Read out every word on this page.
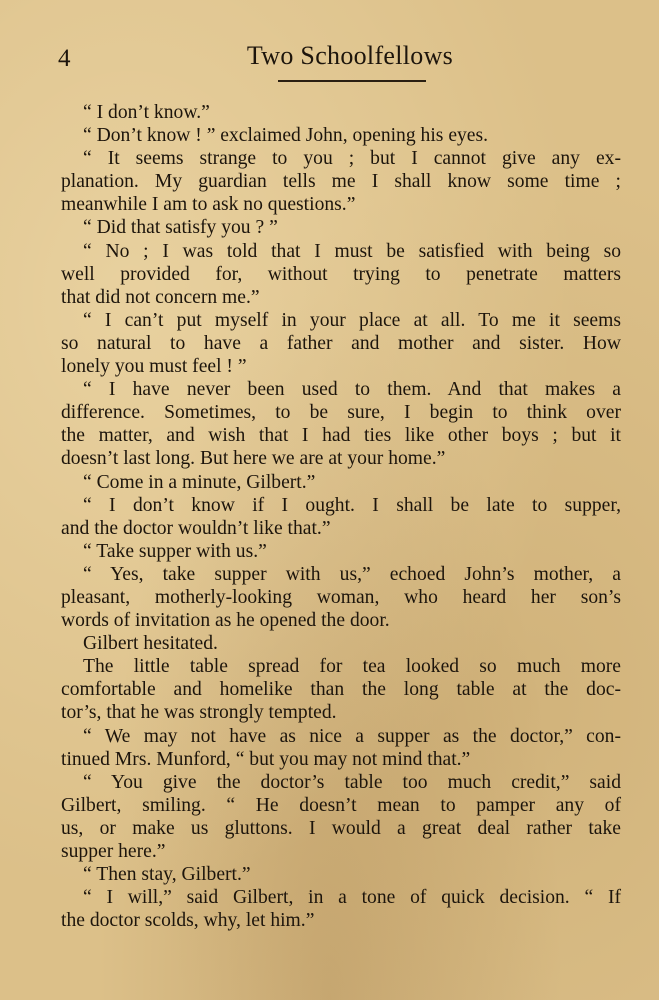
4	Two Schoolfellows
“ I don’t know.”
“ Don’t know ! ” exclaimed John, opening his eyes.
“ It seems strange to you ; but I cannot give any ex-
planation. My guardian tells me I shall know some time ;
meanwhile I am to ask no questions.”
“ Did that satisfy you ? ”
“ No ; I was told that I must be satisfied with being so
well provided for, without trying to penetrate matters
that did not concern me.”
“ I can’t put myself in your place at all. To me it seems
so natural to have a father and mother and sister. How
lonely you must feel ! ”
“ I have never been used to them. And that makes a
difference. Sometimes, to be sure, I begin to think over
the matter, and wish that I had ties like other boys ; but it
doesn’t last long. But here we are at your home.”
“ Come in a minute, Gilbert.”
“ I don’t know if I ought. I shall be late to supper,
and the doctor wouldn’t like that.”
“ Take supper with us.”
“ Yes, take supper with us,” echoed John’s mother, a
pleasant, motherly-looking woman, who heard her son’s
words of invitation as he opened the door.
Gilbert hesitated.
The little table spread for tea looked so much more
comfortable and homelike than the long table at the doc-
tor’s, that he was strongly tempted.
“ We may not have as nice a supper as the doctor,” con-
tinued Mrs. Munford, “ but you may not mind that.”
“ You give the doctor’s table too much credit,” said
Gilbert, smiling. “ He doesn’t mean to pamper any of
us, or make us gluttons. I would a great deal rather take
supper here.”
“ Then stay, Gilbert.”
“ I will,” said Gilbert, in a tone of quick decision. “ If
the doctor scolds, why, let him.”
